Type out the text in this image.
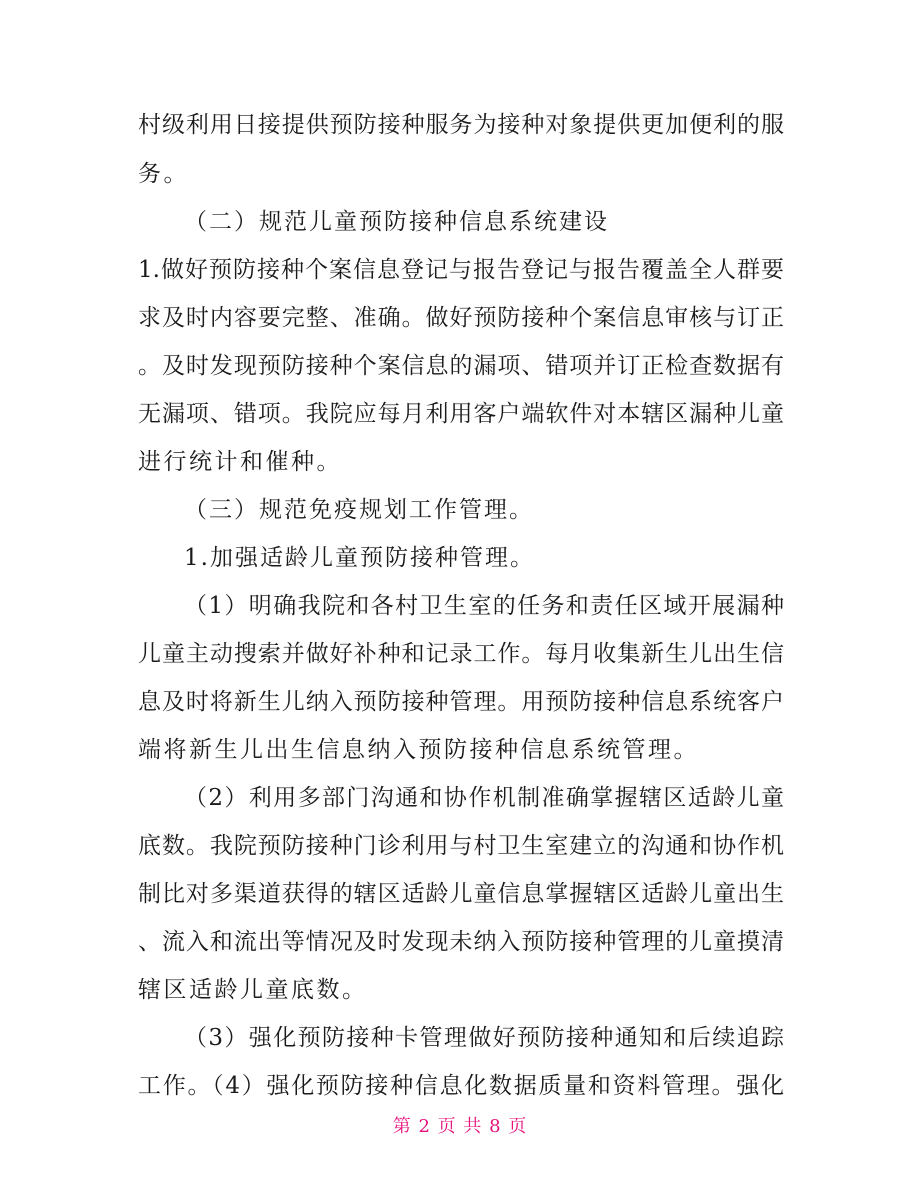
村级利用日接提供预防接种服务为接种对象提供更加便利的服
务。
（二）规范儿童预防接种信息系统建设
1.做好预防接种个案信息登记与报告登记与报告覆盖全人群要
求及时内容要完整、准确。做好预防接种个案信息审核与订正
。及时发现预防接种个案信息的漏项、错项并订正检查数据有
无漏项、错项。我院应每月利用客户端软件对本辖区漏种儿童
进行统计和催种。
（三）规范免疫规划工作管理。
1.加强适龄儿童预防接种管理。
（1）明确我院和各村卫生室的任务和责任区域开展漏种
儿童主动搜索并做好补种和记录工作。每月收集新生儿出生信
息及时将新生儿纳入预防接种管理。用预防接种信息系统客户
端将新生儿出生信息纳入预防接种信息系统管理。
（2）利用多部门沟通和协作机制准确掌握辖区适龄儿童
底数。我院预防接种门诊利用与村卫生室建立的沟通和协作机
制比对多渠道获得的辖区适龄儿童信息掌握辖区适龄儿童出生
、流入和流出等情况及时发现未纳入预防接种管理的儿童摸清
辖区适龄儿童底数。
（3）强化预防接种卡管理做好预防接种通知和后续追踪
工作。（4）强化预防接种信息化数据质量和资料管理。强化
第 2 页 共 8 页
